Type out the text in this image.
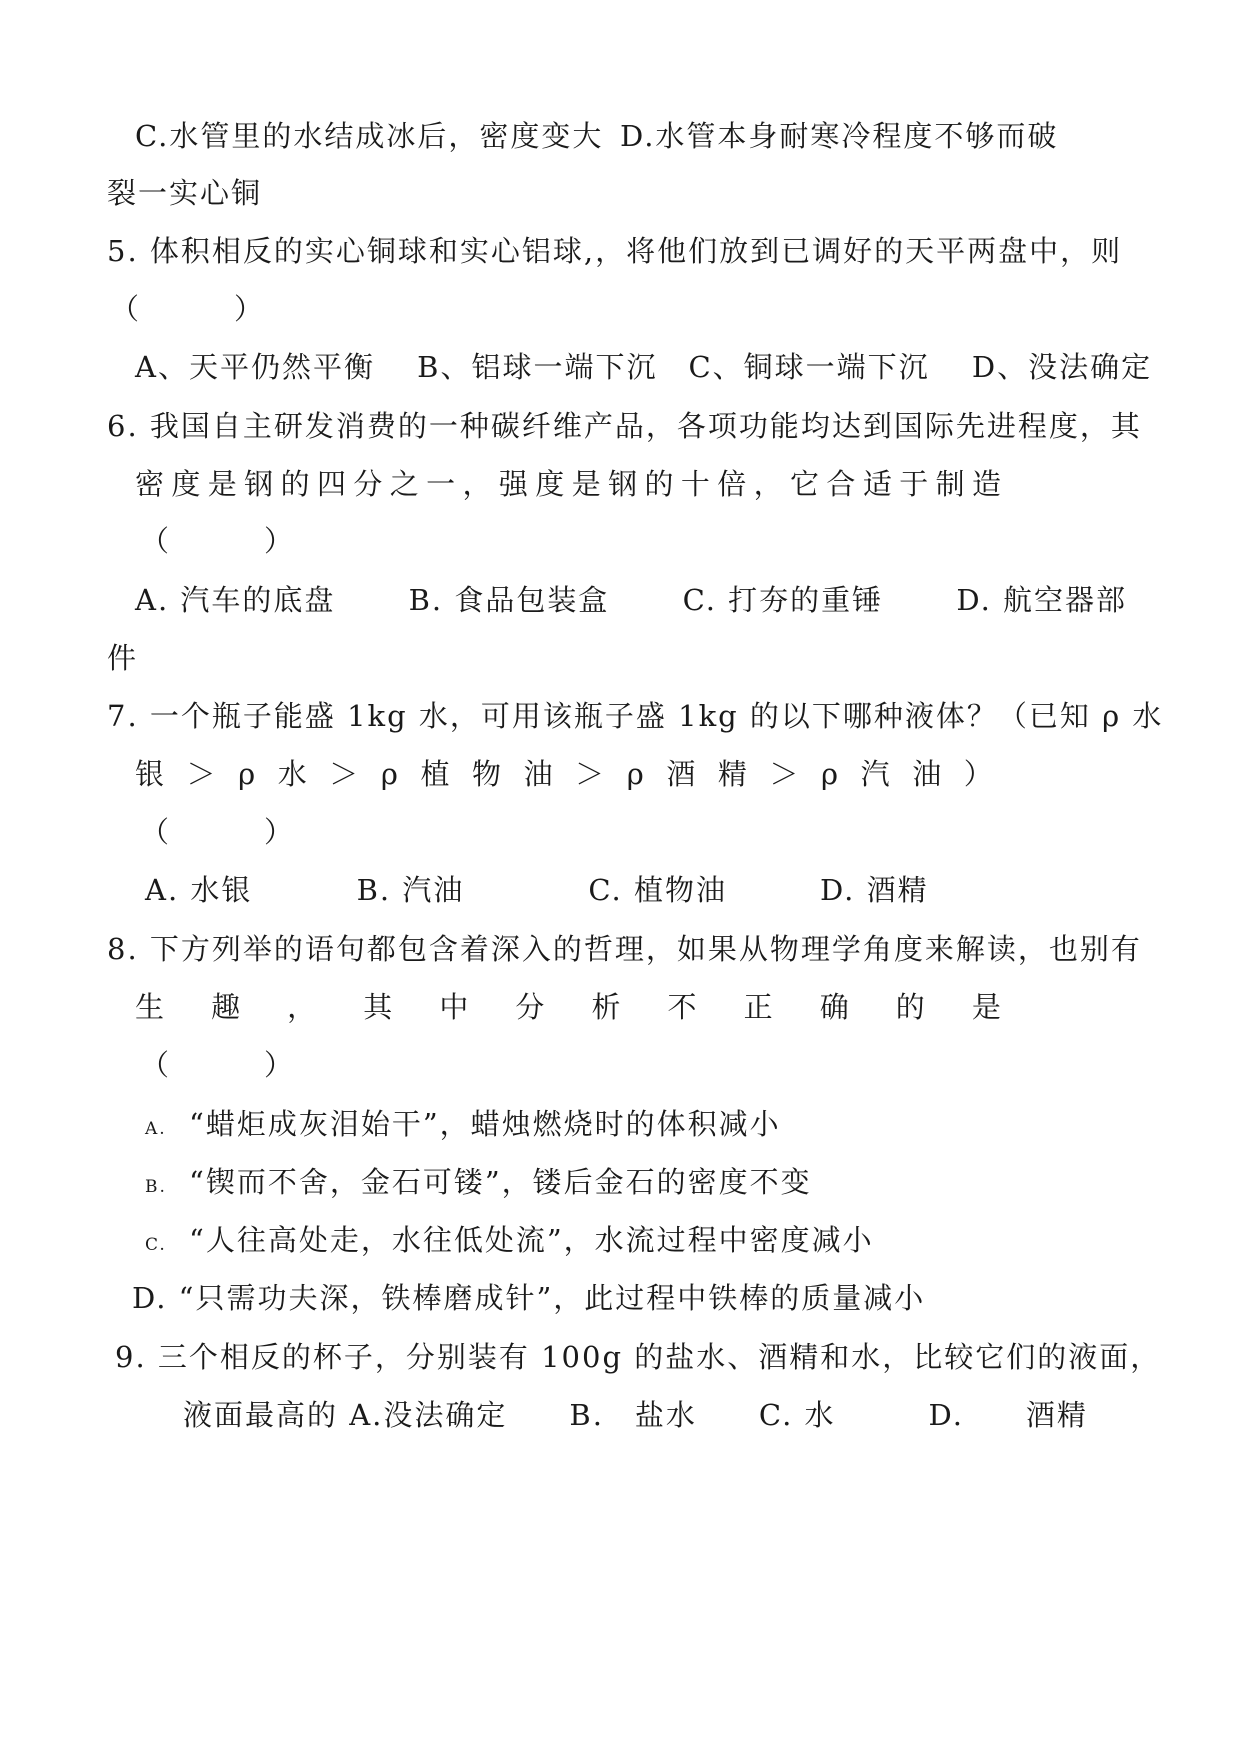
C.水管里的水结成冰后，密度变大 D.水管本身耐寒冷程度不够而破
裂一实心铜
5. 体积相反的实心铜球和实心铝球,，将他们放到已调好的天平两盘中，则
（　　　）
A、天平仍然平衡　 B、铝球一端下沉　C、铜球一端下沉　 D、没法确定
6. 我国自主研发消费的一种碳纤维产品，各项功能均达到国际先进程度，其
密 度 是 钢 的 四 分 之 一 ， 强 度 是 钢 的 十 倍 ， 它 合 适 于 制 造
（　　　）
A. 汽车的底盘　　 B. 食品包装盒　　 C. 打夯的重锤　　 D. 航空器部
件
7. 一个瓶子能盛 1kg 水，可用该瓶子盛 1kg 的以下哪种液体？（已知 ρ 水
银 ＞ ρ 水 ＞ ρ 植 物 油 ＞ ρ 酒 精 ＞ ρ 汽 油 ）
（　　　）
A. 水银　　　 B. 汽油　　　　C. 植物油　　　D. 酒精
8. 下方列举的语句都包含着深入的哲理，如果从物理学角度来解读，也别有
生 趣 ， 其 中 分 析 不 正 确 的 是
（　　　）
A. “蜡炬成灰泪始干”，蜡烛燃烧时的体积减小
B. “锲而不舍，金石可镂”，镂后金石的密度不变
C. “人往高处走，水往低处流”，水流过程中密度减小
D. “只需功夫深，铁棒磨成针”，此过程中铁棒的质量减小
9. 三个相反的杯子，分别装有 100g 的盐水、酒精和水，比较它们的液面，
液面最高的 A.没法确定　　B.　盐水　　C. 水　　　D.　　酒精
